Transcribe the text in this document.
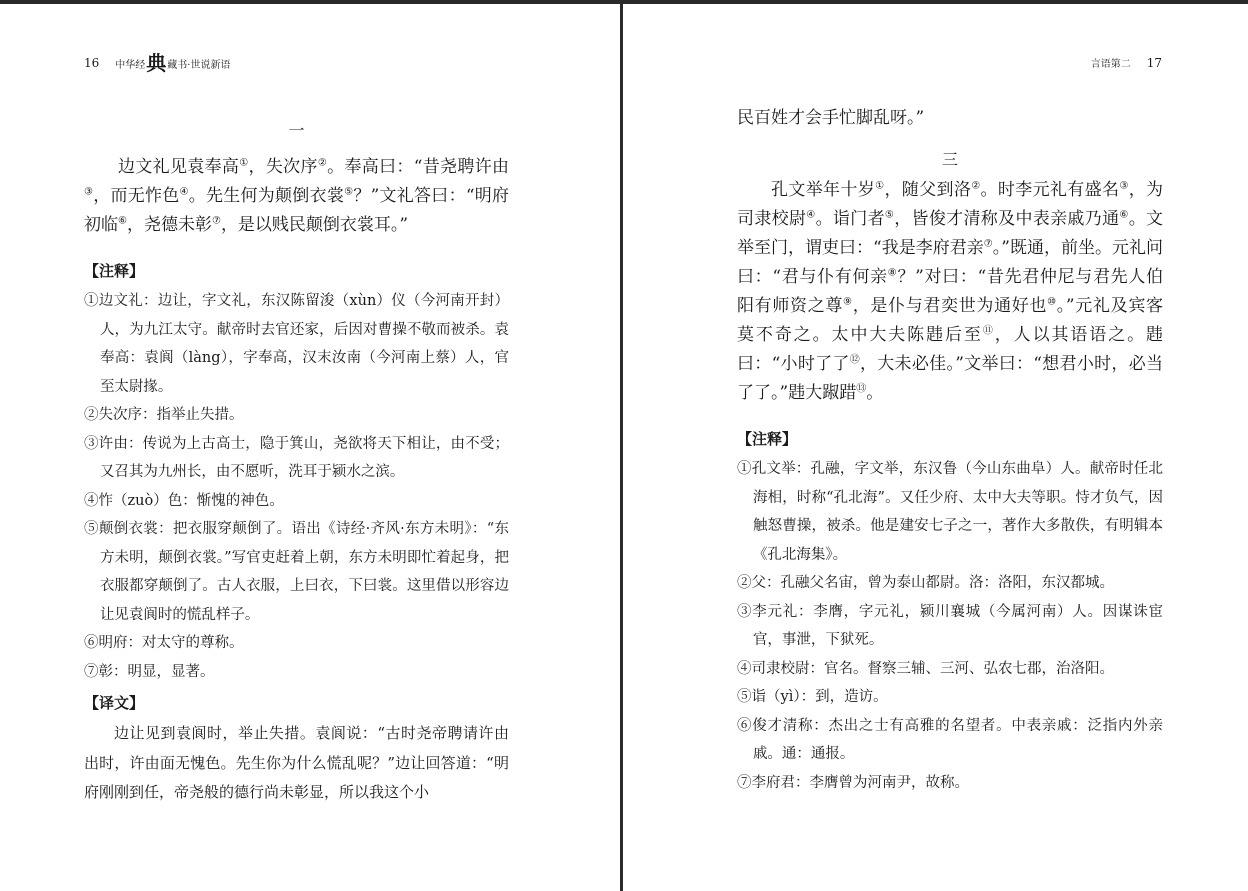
16 中华经 典 藏书·世说新语
一

边文礼见袁奉高①，失次序②。奉高曰：“昔尧聘许由③，而无怍色④。先生何为颠倒衣裳⑤？”文礼答曰：“明府初临⑥，尧德未彰⑦，是以贱民颠倒衣裳耳。”

【注释】

①边文礼：边让，字文礼，东汉陈留浚（xùn）仪（今河南开封）人，为九江太守。献帝时去官还家，后因对曹操不敬而被杀。袁奉高：袁阆（làng），字奉高，汉末汝南（今河南上蔡）人，官至太尉掾。

②失次序：指举止失措。

③许由：传说为上古高士，隐于箕山，尧欲将天下相让，由不受；又召其为九州长，由不愿听，洗耳于颍水之滨。

④怍（zuò）色：惭愧的神色。

⑤颠倒衣裳：把衣服穿颠倒了。语出《诗经·齐风·东方未明》：“东方未明，颠倒衣裳。”写官吏赶着上朝，东方未明即忙着起身，把衣服都穿颠倒了。古人衣服，上曰衣，下曰裳。这里借以形容边让见袁阆时的慌乱样子。

⑥明府：对太守的尊称。

⑦彰：明显，显著。

【译文】

边让见到袁阆时，举止失措。袁阆说：“古时尧帝聘请许由出时，许由面无愧色。先生你为什么慌乱呢？”边让回答道：“明府刚刚到任，帝尧般的德行尚未彰显，所以我这个小

言语第二 17

民百姓才会手忙脚乱呀。”

三

孔文举年十岁①，随父到洛②。时李元礼有盛名③，为司隶校尉④。诣门者⑤，皆俊才清称及中表亲戚乃通⑥。文举至门，谓吏曰：“我是李府君亲⑦。”既通，前坐。元礼问曰：“君与仆有何亲⑧？”对曰：“昔先君仲尼与君先人伯阳有师资之尊⑨，是仆与君奕世为通好也⑩。”元礼及宾客莫不奇之。太中大夫陈韪后至⑪，人以其语语之。韪曰：“小时了了⑫，大未必佳。”文举曰：“想君小时，必当了了。”韪大踧踖⑬。

【注释】

①孔文举：孔融，字文举，东汉鲁（今山东曲阜）人。献帝时任北海相，时称“孔北海”。又任少府、太中大夫等职。恃才负气，因触怒曹操，被杀。他是建安七子之一，著作大多散佚，有明辑本《孔北海集》。

②父：孔融父名宙，曾为泰山都尉。洛：洛阳，东汉都城。

③李元礼：李膺，字元礼，颍川襄城（今属河南）人。因谋诛宦官，事泄，下狱死。

④司隶校尉：官名。督察三辅、三河、弘农七郡，治洛阳。

⑤诣（yì）：到，造访。

⑥俊才清称：杰出之士有高雅的名望者。中表亲戚：泛指内外亲戚。通：通报。

⑦李府君：李膺曾为河南尹，故称。
